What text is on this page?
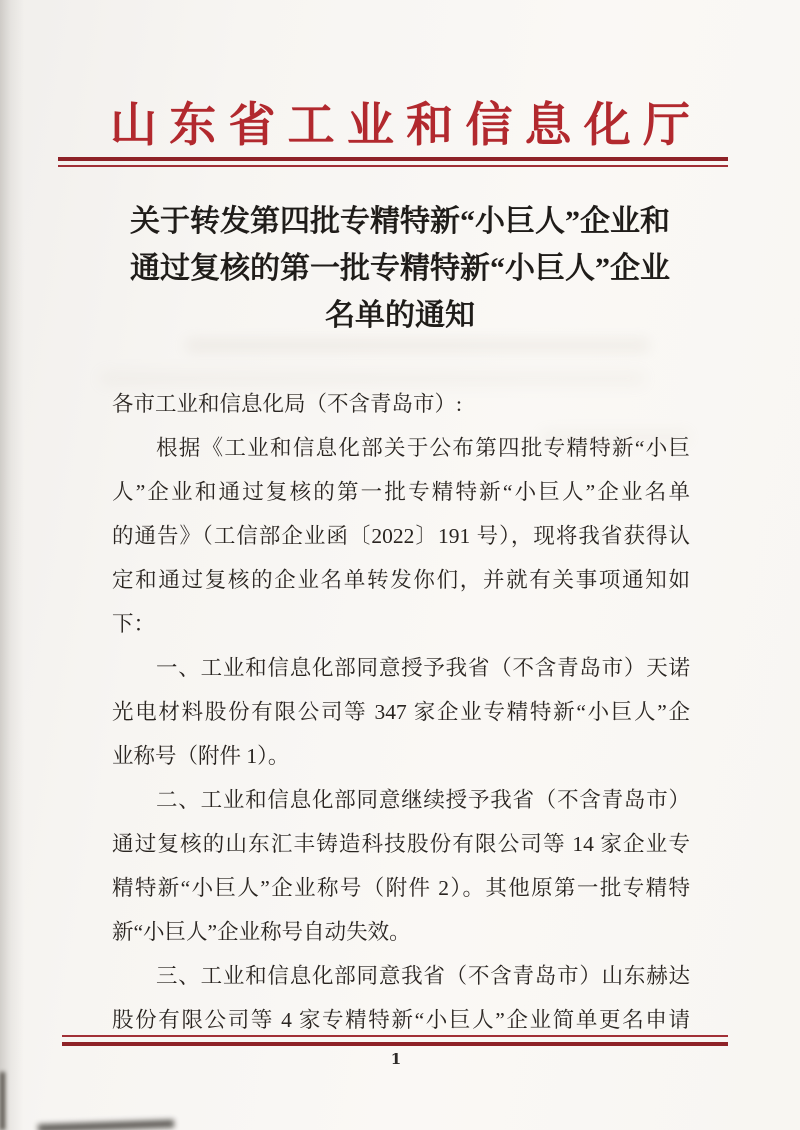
山东省工业和信息化厅
关于转发第四批专精特新“小巨人”企业和
通过复核的第一批专精特新“小巨人”企业
名单的通知
各市工业和信息化局（不含青岛市）:
根据《工业和信息化部关于公布第四批专精特新“小巨
人”企业和通过复核的第一批专精特新“小巨人”企业名单
的通告》（工信部企业函〔2022〕191 号），现将我省获得认
定和通过复核的企业名单转发你们，并就有关事项通知如
下：
一、工业和信息化部同意授予我省（不含青岛市）天诺
光电材料股份有限公司等 347 家企业专精特新“小巨人”企
业称号（附件 1）。
二、工业和信息化部同意继续授予我省（不含青岛市）
通过复核的山东汇丰铸造科技股份有限公司等 14 家企业专
精特新“小巨人”企业称号（附件 2）。其他原第一批专精特
新“小巨人”企业称号自动失效。
三、工业和信息化部同意我省（不含青岛市）山东赫达
股份有限公司等 4 家专精特新“小巨人”企业简单更名申请
1
